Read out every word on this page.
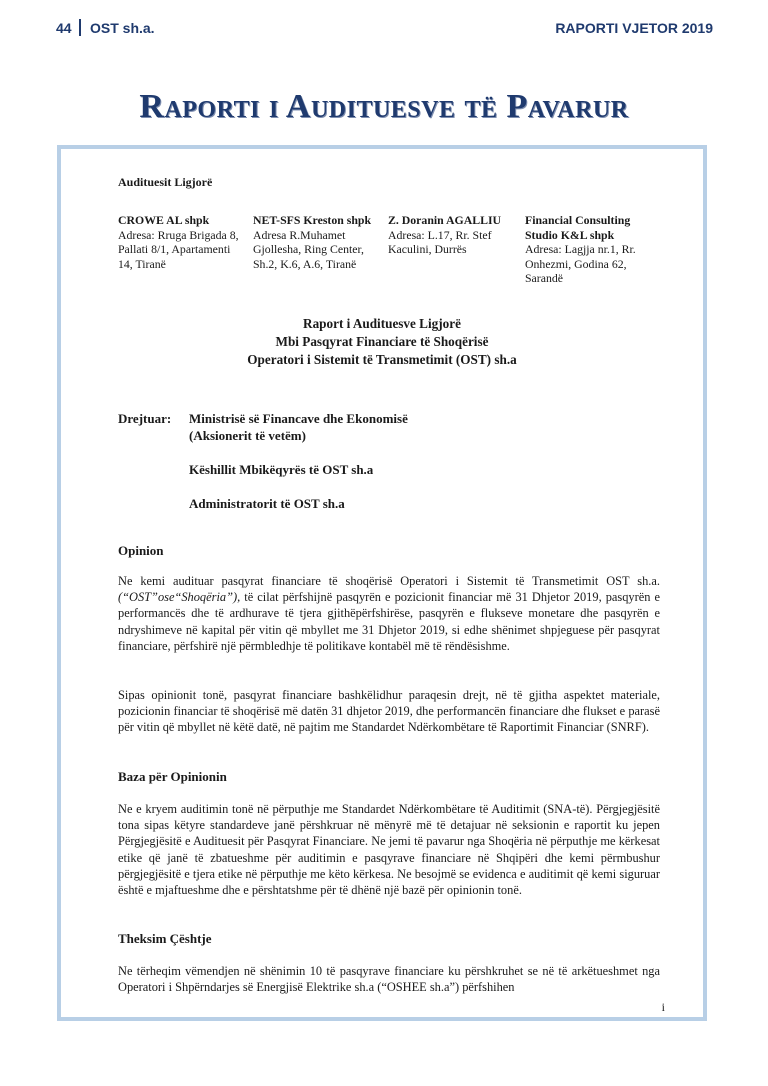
44 OST sh.a.	RAPORTI VJETOR 2019
Raporti i Audituesve të Pavarur
Audituesit Ligjorë
CROWE AL shpk
Adresa: Rruga Brigada 8,
Pallati 8/1, Apartamenti
14, Tiranë
NET-SFS Kreston shpk
Adresa R.Muhamet
Gjollesha, Ring Center,
Sh.2, K.6, A.6, Tiranë
Z. Doranin AGALLIU
Adresa: L.17, Rr. Stef
Kaculini, Durrës
Financial Consulting
Studio K&L shpk
Adresa: Lagjja nr.1, Rr.
Onhezmi, Godina 62,
Sarandë
Raport i Audituesve Ligjorë
Mbi Pasqyrat Financiare të Shoqërisë
Operatori i Sistemit të Transmetimit (OST) sh.a
Drejtuar: Ministrisë së Financave dhe Ekonomisë
(Aksionerit të vetëm)
Këshillit Mbikëqyrës të OST sh.a
Administratorit të OST sh.a
Opinion
Ne kemi audituar pasqyrat financiare të shoqërisë Operatori i Sistemit të Transmetimit OST sh.a. (“OST”ose“Shoqëria”), të cilat përfshijnë pasqyrën e pozicionit financiar më 31 Dhjetor 2019, pasqyrën e performancës dhe të ardhurave të tjera gjithëpërfshirëse, pasqyrën e flukseve monetare dhe pasqyrën e ndryshimeve në kapital për vitin që mbyllet me 31 Dhjetor 2019, si edhe shënimet shpjeguese për pasqyrat financiare, përfshirë një përmbledhje të politikave kontabël më të rëndësishme.
Sipas opinionit tonë, pasqyrat financiare bashkëlidhur paraqesin drejt, në të gjitha aspektet materiale, pozicionin financiar të shoqërisë më datën 31 dhjetor 2019, dhe performancën financiare dhe flukset e parasë për vitin që mbyllet në këtë datë, në pajtim me Standardet Ndërkombëtare të Raportimit Financiar (SNRF).
Baza për Opinionin
Ne e kryem auditimin tonë në përputhje me Standardet Ndërkombëtare të Auditimit (SNA-të). Përgjegjësitë tona sipas këtyre standardeve janë përshkruar në mënyrë më të detajuar në seksionin e raportit ku jepen Përgjegjësitë e Audituesit për Pasqyrat Financiare. Ne jemi të pavarur nga Shoqëria në përputhje me kërkesat etike që janë të zbatueshme për auditimin e pasqyrave financiare në Shqipëri dhe kemi përmbushur përgjegjësitë e tjera etike në përputhje me këto kërkesa. Ne besojmë se evidenca e auditimit që kemi siguruar është e mjaftueshme dhe e përshtatshme për të dhënë një bazë për opinionin tonë.
Theksim Çështje
Ne tërheqim vëmendjen në shënimin 10 të pasqyrave financiare ku përshkruhet se në të arkëtueshmet nga Operatori i Shpërndarjes së Energjisë Elektrike sh.a (“OSHEE sh.a”) përfshihen
i
